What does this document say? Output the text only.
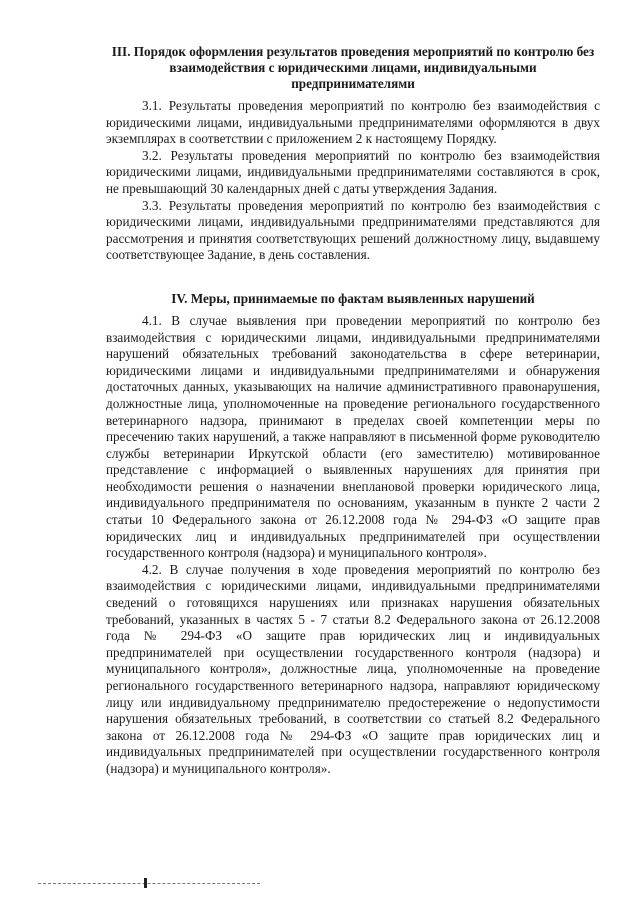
III. Порядок оформления результатов проведения мероприятий по контролю без взаимодействия с юридическими лицами, индивидуальными предпринимателями

3.1. Результаты проведения мероприятий по контролю без взаимодействия с юридическими лицами, индивидуальными предпринимателями оформляются в двух экземплярах в соответствии с приложением 2 к настоящему Порядку.

3.2. Результаты проведения мероприятий по контролю без взаимодействия юридическими лицами, индивидуальными предпринимателями составляются в срок, не превышающий 30 календарных дней с даты утверждения Задания.

3.3. Результаты проведения мероприятий по контролю без взаимодействия с юридическими лицами, индивидуальными предпринимателями представляются для рассмотрения и принятия соответствующих решений должностному лицу, выдавшему соответствующее Задание, в день составления.

IV. Меры, принимаемые по фактам выявленных нарушений

4.1. В случае выявления при проведении мероприятий по контролю без взаимодействия с юридическими лицами, индивидуальными предпринимателями нарушений обязательных требований законодательства в сфере ветеринарии, юридическими лицами и индивидуальными предпринимателями и обнаружения достаточных данных, указывающих на наличие административного правонарушения, должностные лица, уполномоченные на проведение регионального государственного ветеринарного надзора, принимают в пределах своей компетенции меры по пресечению таких нарушений, а также направляют в письменной форме руководителю службы ветеринарии Иркутской области (его заместителю) мотивированное представление с информацией о выявленных нарушениях для принятия при необходимости решения о назначении внеплановой проверки юридического лица, индивидуального предпринимателя по основаниям, указанным в пункте 2 части 2 статьи 10 Федерального закона от 26.12.2008 года № 294-ФЗ «О защите прав юридических лиц и индивидуальных предпринимателей при осуществлении государственного контроля (надзора) и муниципального контроля».

4.2. В случае получения в ходе проведения мероприятий по контролю без взаимодействия с юридическими лицами, индивидуальными предпринимателями сведений о готовящихся нарушениях или признаках нарушения обязательных требований, указанных в частях 5 - 7 статьи 8.2 Федерального закона от 26.12.2008 года № 294-ФЗ «О защите прав юридических лиц и индивидуальных предпринимателей при осуществлении государственного контроля (надзора) и муниципального контроля», должностные лица, уполномоченные на проведение регионального государственного ветеринарного надзора, направляют юридическому лицу или индивидуальному предпринимателю предостережение о недопустимости нарушения обязательных требований, в соответствии со статьей 8.2 Федерального закона от 26.12.2008 года № 294-ФЗ «О защите прав юридических лиц и индивидуальных предпринимателей при осуществлении государственного контроля (надзора) и муниципального контроля».
